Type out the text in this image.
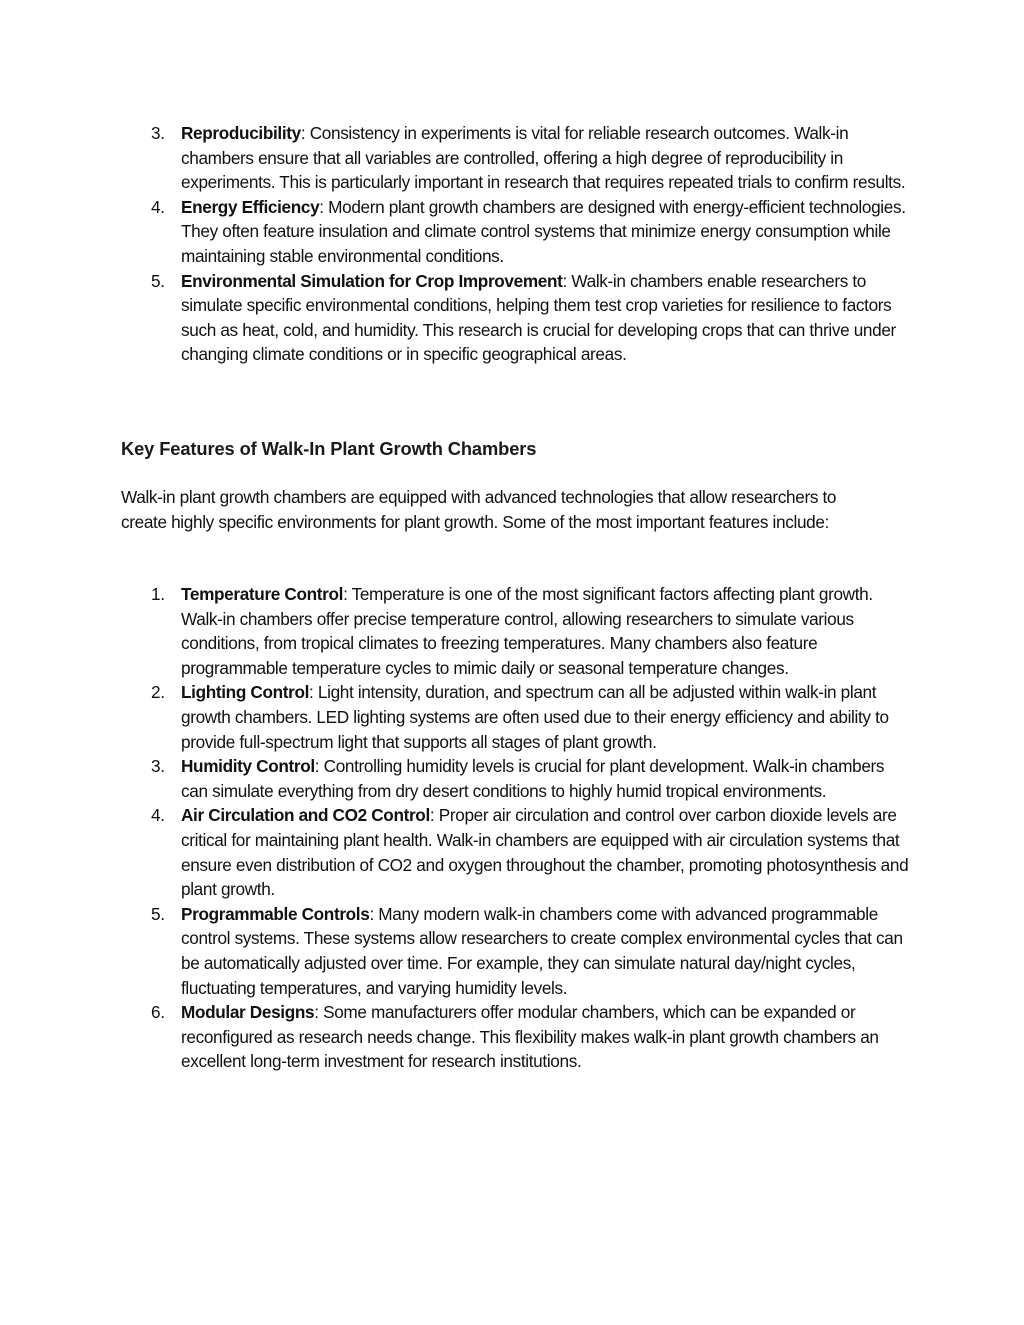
3. Reproducibility: Consistency in experiments is vital for reliable research outcomes. Walk-in chambers ensure that all variables are controlled, offering a high degree of reproducibility in experiments. This is particularly important in research that requires repeated trials to confirm results.
4. Energy Efficiency: Modern plant growth chambers are designed with energy-efficient technologies. They often feature insulation and climate control systems that minimize energy consumption while maintaining stable environmental conditions.
5. Environmental Simulation for Crop Improvement: Walk-in chambers enable researchers to simulate specific environmental conditions, helping them test crop varieties for resilience to factors such as heat, cold, and humidity. This research is crucial for developing crops that can thrive under changing climate conditions or in specific geographical areas.
Key Features of Walk-In Plant Growth Chambers

Walk-in plant growth chambers are equipped with advanced technologies that allow researchers to create highly specific environments for plant growth. Some of the most important features include:

1. Temperature Control: Temperature is one of the most significant factors affecting plant growth. Walk-in chambers offer precise temperature control, allowing researchers to simulate various conditions, from tropical climates to freezing temperatures. Many chambers also feature programmable temperature cycles to mimic daily or seasonal temperature changes.
2. Lighting Control: Light intensity, duration, and spectrum can all be adjusted within walk-in plant growth chambers. LED lighting systems are often used due to their energy efficiency and ability to provide full-spectrum light that supports all stages of plant growth.
3. Humidity Control: Controlling humidity levels is crucial for plant development. Walk-in chambers can simulate everything from dry desert conditions to highly humid tropical environments.
4. Air Circulation and CO2 Control: Proper air circulation and control over carbon dioxide levels are critical for maintaining plant health. Walk-in chambers are equipped with air circulation systems that ensure even distribution of CO2 and oxygen throughout the chamber, promoting photosynthesis and plant growth.
5. Programmable Controls: Many modern walk-in chambers come with advanced programmable control systems. These systems allow researchers to create complex environmental cycles that can be automatically adjusted over time. For example, they can simulate natural day/night cycles, fluctuating temperatures, and varying humidity levels.
6. Modular Designs: Some manufacturers offer modular chambers, which can be expanded or reconfigured as research needs change. This flexibility makes walk-in plant growth chambers an excellent long-term investment for research institutions.
